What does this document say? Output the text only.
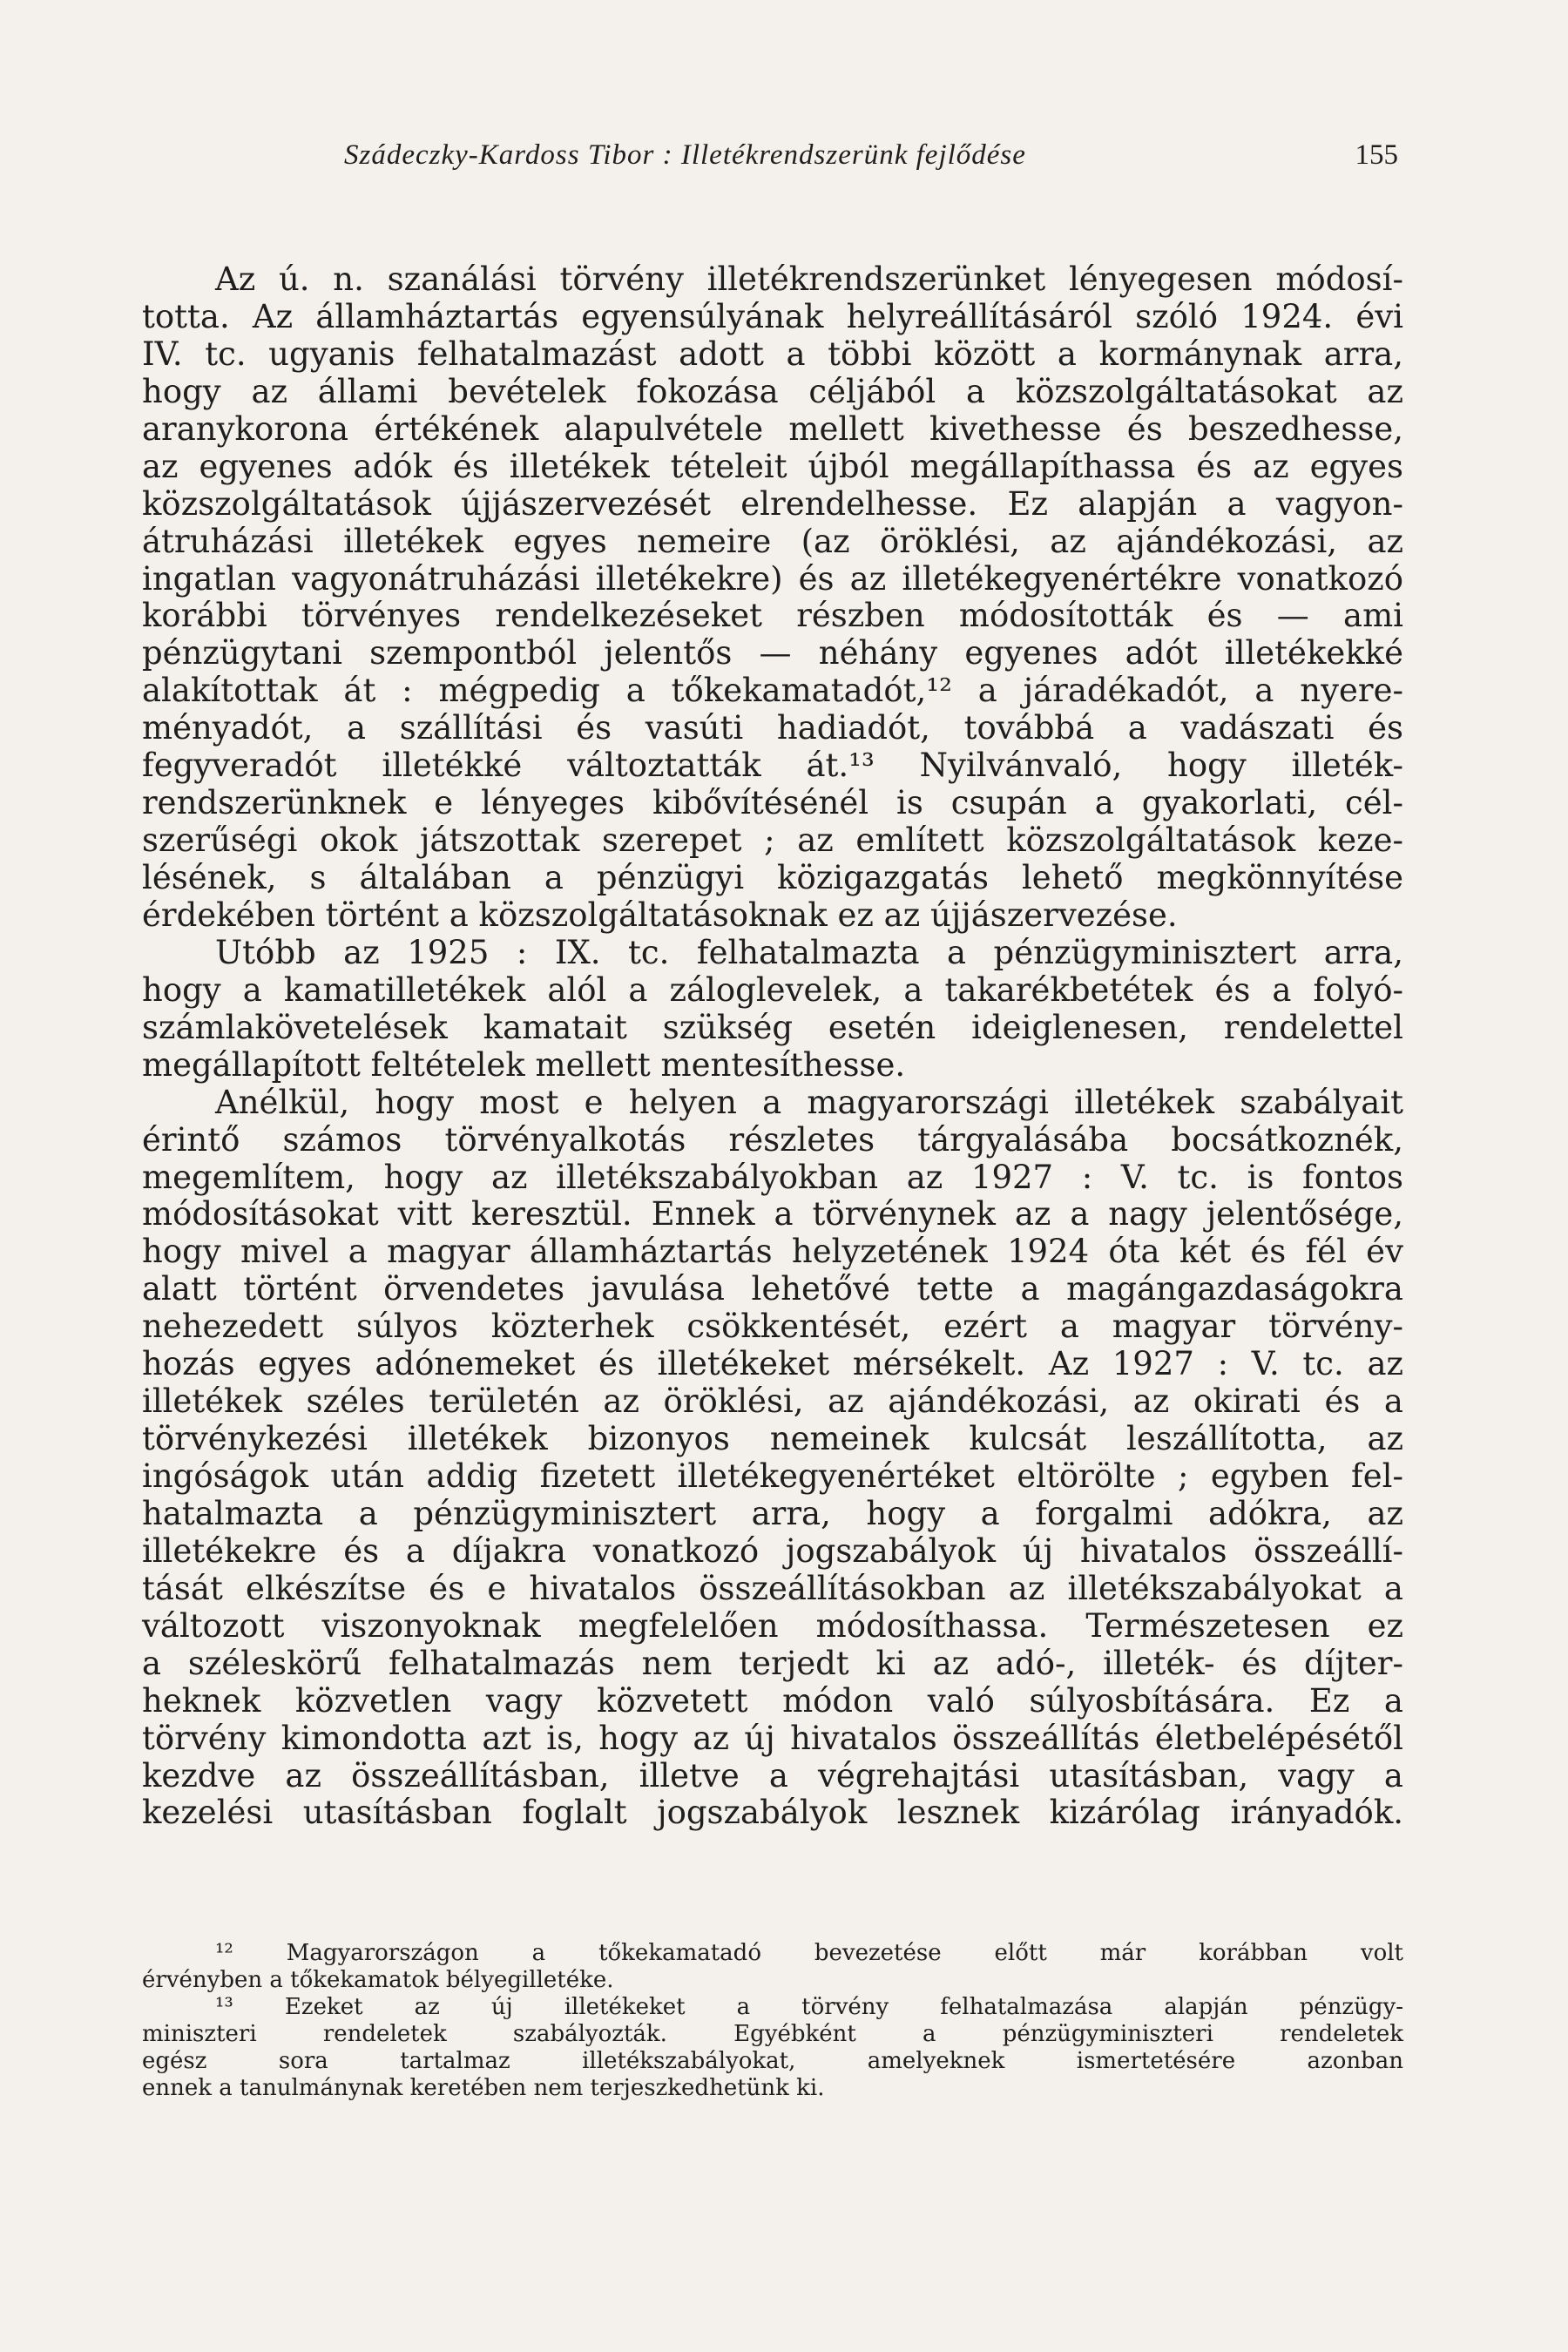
Szádeczky-Kardoss Tibor : Illetékrendszerünk fejlődése	155
Az ú. n. szanálási törvény illetékrendszerünket lényegesen módosí-
totta. Az államháztartás egyensúlyának helyreállításáról szóló 1924. évi
IV. tc. ugyanis felhatalmazást adott a többi között a kormánynak arra,
hogy az állami bevételek fokozása céljából a közszolgáltatásokat az
aranykorona értékének alapulvétele mellett kivethesse és beszedhesse,
az egyenes adók és illetékek tételeit újból megállapíthassa és az egyes
közszolgáltatások újjászervezését elrendelhesse. Ez alapján a vagyon-
átruházási illetékek egyes nemeire (az öröklési, az ajándékozási, az
ingatlan vagyonátruházási illetékekre) és az illetékegyenértékre vonatkozó
korábbi törvényes rendelkezéseket részben módosították és — ami
pénzügytani szempontból jelentős — néhány egyenes adót illetékekké
alakítottak át : mégpedig a tőkekamatadót,¹² a járadékadót, a nyere-
ményadót, a szállítási és vasúti hadiadót, továbbá a vadászati és
fegyveradót illetékké változtatták át.¹³ Nyilvánvaló, hogy illeték-
rendszerünknek e lényeges kibővítésénél is csupán a gyakorlati, cél-
szerűségi okok játszottak szerepet ; az említett közszolgáltatások keze-
lésének, s általában a pénzügyi közigazgatás lehető megkönnyítése
érdekében történt a közszolgáltatásoknak ez az újjászervezése.
Utóbb az 1925 : IX. tc. felhatalmazta a pénzügyminisztert arra,
hogy a kamatilletékek alól a záloglevelek, a takarékbetétek és a folyó-
számlakövetelések kamatait szükség esetén ideiglenesen, rendelettel
megállapított feltételek mellett mentesíthesse.
Anélkül, hogy most e helyen a magyarországi illetékek szabályait
érintő számos törvényalkotás részletes tárgyalásába bocsátkoznék,
megemlítem, hogy az illetékszabályokban az 1927 : V. tc. is fontos
módosításokat vitt keresztül. Ennek a törvénynek az a nagy jelentősége,
hogy mivel a magyar államháztartás helyzetének 1924 óta két és fél év
alatt történt örvendetes javulása lehetővé tette a magángazdaságokra
nehezedett súlyos közterhek csökkentését, ezért a magyar törvény-
hozás egyes adónemeket és illetékeket mérsékelt. Az 1927 : V. tc. az
illetékek széles területén az öröklési, az ajándékozási, az okirati és a
törvénykezési illetékek bizonyos nemeinek kulcsát leszállította, az
ingóságok után addig fizetett illetékegyenértéket eltörölte ; egyben fel-
hatalmazta a pénzügyminisztert arra, hogy a forgalmi adókra, az
illetékekre és a díjakra vonatkozó jogszabályok új hivatalos összeállí-
tását elkészítse és e hivatalos összeállításokban az illetékszabályokat a
változott viszonyoknak megfelelően módosíthassa. Természetesen ez
a széleskörű felhatalmazás nem terjedt ki az adó-, illeték- és díjter-
heknek közvetlen vagy közvetett módon való súlyosbítására. Ez a
törvény kimondotta azt is, hogy az új hivatalos összeállítás életbelépésétől
kezdve az összeállításban, illetve a végrehajtási utasításban, vagy a
kezelési utasításban foglalt jogszabályok lesznek kizárólag irányadók.
¹² Magyarországon a tőkekamatadó bevezetése előtt már korábban volt
érvényben a tőkekamatok bélyegilletéke.
¹³ Ezeket az új illetékeket a törvény felhatalmazása alapján pénzügy-
miniszteri rendeletek szabályozták. Egyébként a pénzügyminiszteri rendeletek
egész sora tartalmaz illetékszabályokat, amelyeknek ismertetésére azonban
ennek a tanulmánynak keretében nem terjeszkedhetünk ki.
